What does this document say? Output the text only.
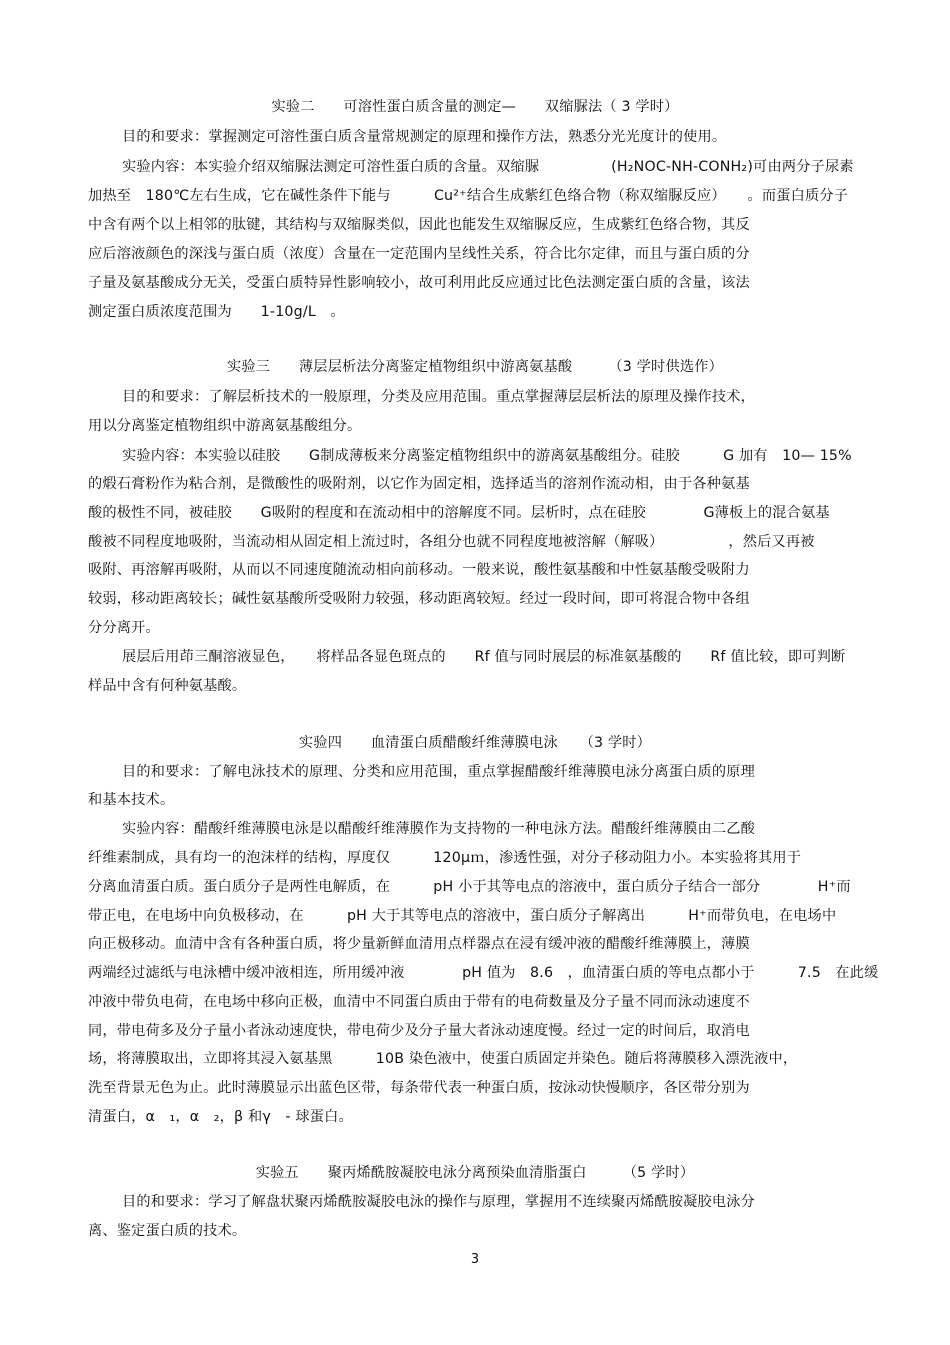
实验二　　可溶性蛋白质含量的测定—　　双缩脲法（ 3 学时）
目的和要求：掌握测定可溶性蛋白质含量常规测定的原理和操作方法，熟悉分光光度计的使用。
实验内容：本实验介绍双缩脲法测定可溶性蛋白质的含量。双缩脲　　　　　(H₂NOC-NH-CONH₂)可由两分子尿素
加热至　180℃左右生成，它在碱性条件下能与　　　Cu²⁺结合生成紫红色络合物（称双缩脲反应）　　。而蛋白质分子
中含有两个以上相邻的肽键，其结构与双缩脲类似，因此也能发生双缩脲反应，生成紫红色络合物，其反
应后溶液颜色的深浅与蛋白质（浓度）含量在一定范围内呈线性关系，符合比尔定律，而且与蛋白质的分
子量及氨基酸成分无关，受蛋白质特异性影响较小，故可利用此反应通过比色法测定蛋白质的含量，该法
测定蛋白质浓度范围为　　1-10g/L　。
实验三　　薄层层析法分离鉴定植物组织中游离氨基酸　　　（3 学时供选作）
目的和要求：了解层析技术的一般原理，分类及应用范围。重点掌握薄层层析法的原理及操作技术，
用以分离鉴定植物组织中游离氨基酸组分。
实验内容：本实验以硅胶　　G制成薄板来分离鉴定植物组织中的游离氨基酸组分。硅胶　　　G 加有　10— 15%
的煅石膏粉作为粘合剂，是微酸性的吸附剂，以它作为固定相，选择适当的溶剂作流动相，由于各种氨基
酸的极性不同，被硅胶　　G吸附的程度和在流动相中的溶解度不同。层析时，点在硅胶　　　　G薄板上的混合氨基
酸被不同程度地吸附，当流动相从固定相上流过时，各组分也就不同程度地被溶解（解吸）　　　　　，然后又再被
吸附、再溶解再吸附，从而以不同速度随流动相向前移动。一般来说，酸性氨基酸和中性氨基酸受吸附力
较弱，移动距离较长；碱性氨基酸所受吸附力较强，移动距离较短。经过一段时间，即可将混合物中各组
分分离开。
展层后用茚三酮溶液显色，　　将样品各显色斑点的　　Rf 值与同时展层的标准氨基酸的　　Rf 值比较，即可判断
样品中含有何种氨基酸。
实验四　　血清蛋白质醋酸纤维薄膜电泳　　（3 学时）
目的和要求：了解电泳技术的原理、分类和应用范围，重点掌握醋酸纤维薄膜电泳分离蛋白质的原理
和基本技术。
实验内容：醋酸纤维薄膜电泳是以醋酸纤维薄膜作为支持物的一种电泳方法。醋酸纤维薄膜由二乙酸
纤维素制成，具有均一的泡沫样的结构，厚度仅　　　120μｍ，渗透性强，对分子移动阻力小。本实验将其用于
分离血清蛋白质。蛋白质分子是两性电解质，在　　　pH 小于其等电点的溶液中，蛋白质分子结合一部分　　　　H⁺而
带正电，在电场中向负极移动，在　　　pH 大于其等电点的溶液中，蛋白质分子解离出　　　H⁺而带负电，在电场中
向正极移动。血清中含有各种蛋白质，将少量新鲜血清用点样器点在浸有缓冲液的醋酸纤维薄膜上，薄膜
两端经过滤纸与电泳槽中缓冲液相连，所用缓冲液　　　　pH 值为　8.6　，血清蛋白质的等电点都小于　　　7.5　在此缓
冲液中带负电荷，在电场中移向正极，血清中不同蛋白质由于带有的电荷数量及分子量不同而泳动速度不
同，带电荷多及分子量小者泳动速度快，带电荷少及分子量大者泳动速度慢。经过一定的时间后，取消电
场，将薄膜取出，立即将其浸入氨基黑　　　10B 染色液中，使蛋白质固定并染色。随后将薄膜移入漂洗液中，
洗至背景无色为止。此时薄膜显示出蓝色区带，每条带代表一种蛋白质，按泳动快慢顺序，各区带分别为
清蛋白，α　₁，α　₂，β 和γ　- 球蛋白。
实验五　　聚丙烯酰胺凝胶电泳分离预染血清脂蛋白　　　（5 学时）
目的和要求：学习了解盘状聚丙烯酰胺凝胶电泳的操作与原理，掌握用不连续聚丙烯酰胺凝胶电泳分
离、鉴定蛋白质的技术。
3
